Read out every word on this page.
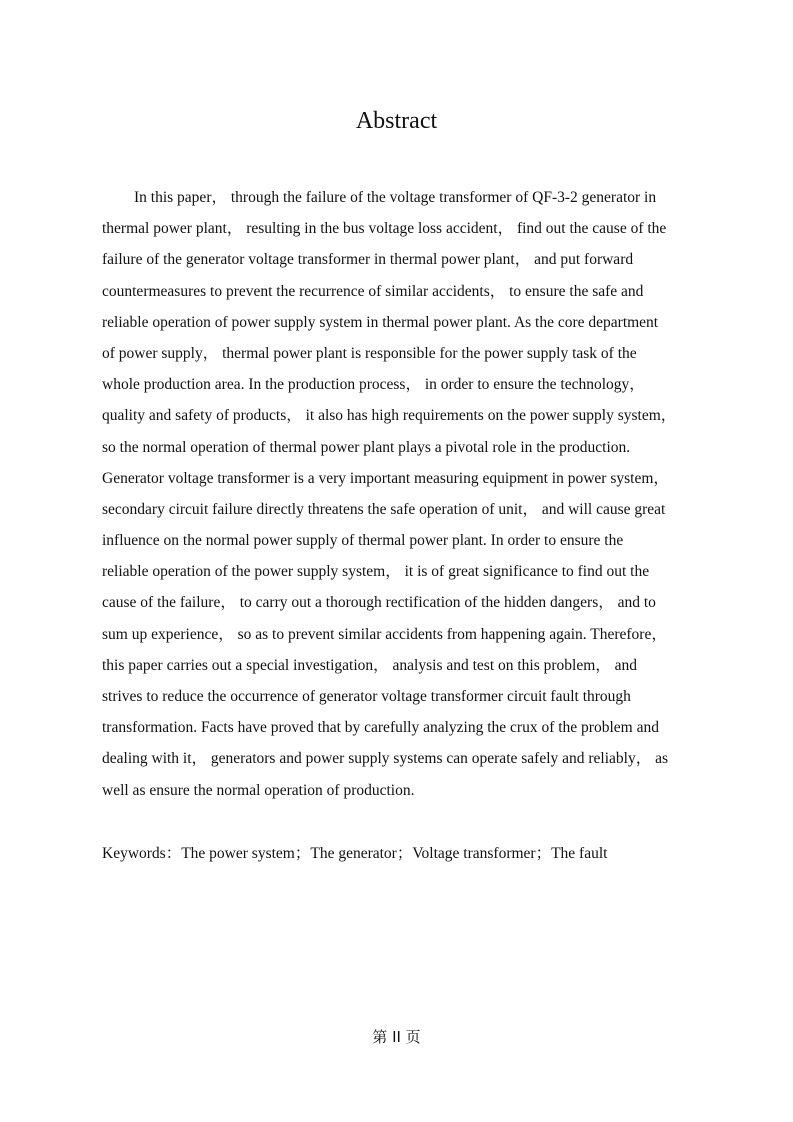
Abstract
In this paper， through the failure of the voltage transformer of QF-3-2 generator in
thermal power plant， resulting in the bus voltage loss accident， find out the cause of the
failure of the generator voltage transformer in thermal power plant， and put forward
countermeasures to prevent the recurrence of similar accidents， to ensure the safe and
reliable operation of power supply system in thermal power plant. As the core department
of power supply， thermal power plant is responsible for the power supply task of the
whole production area. In the production process， in order to ensure the technology，
quality and safety of products， it also has high requirements on the power supply system，
so the normal operation of thermal power plant plays a pivotal role in the production.
Generator voltage transformer is a very important measuring equipment in power system，
secondary circuit failure directly threatens the safe operation of unit， and will cause great
influence on the normal power supply of thermal power plant. In order to ensure the
reliable operation of the power supply system， it is of great significance to find out the
cause of the failure， to carry out a thorough rectification of the hidden dangers， and to
sum up experience， so as to prevent similar accidents from happening again. Therefore，
this paper carries out a special investigation， analysis and test on this problem， and
strives to reduce the occurrence of generator voltage transformer circuit fault through
transformation. Facts have proved that by carefully analyzing the crux of the problem and
dealing with it， generators and power supply systems can operate safely and reliably， as
well as ensure the normal operation of production.
Keywords：The power system；The generator；Voltage transformer；The fault
第 II 页
